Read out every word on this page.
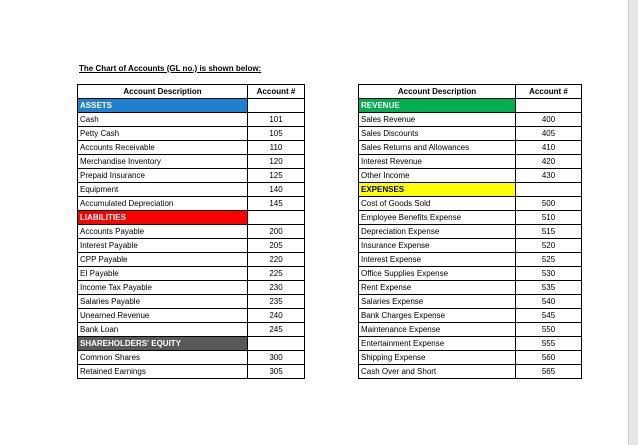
The Chart of Accounts (GL no.) is shown below:
Account Description	Account #
ASSETS	
Cash	101
Petty Cash	105
Accounts Receivable	110
Merchandise Inventory	120
Prepaid Insurance	125
Equipment	140
Accumulated Depreciation	145
LIABILITIES	
Accounts Payable	200
Interest Payable	205
CPP Payable	220
EI Payable	225
Income Tax Payable	230
Salaries Payable	235
Unearned Revenue	240
Bank Loan	245
SHAREHOLDERS' EQUITY	
Common Shares	300
Retained Earnings	305
Account Description	Account #
REVENUE	
Sales Revenue	400
Sales Discounts	405
Sales Returns and Allowances	410
Interest Revenue	420
Other Income	430
EXPENSES	
Cost of Goods Sold	500
Employee Benefits Expense	510
Depreciation Expense	515
Insurance Expense	520
Interest Expense	525
Office Supplies Expense	530
Rent Expense	535
Salaries Expense	540
Bank Charges Expense	545
Maintenance Expense	550
Entertainment Expense	555
Shipping Expense	560
Cash Over and Short	565
